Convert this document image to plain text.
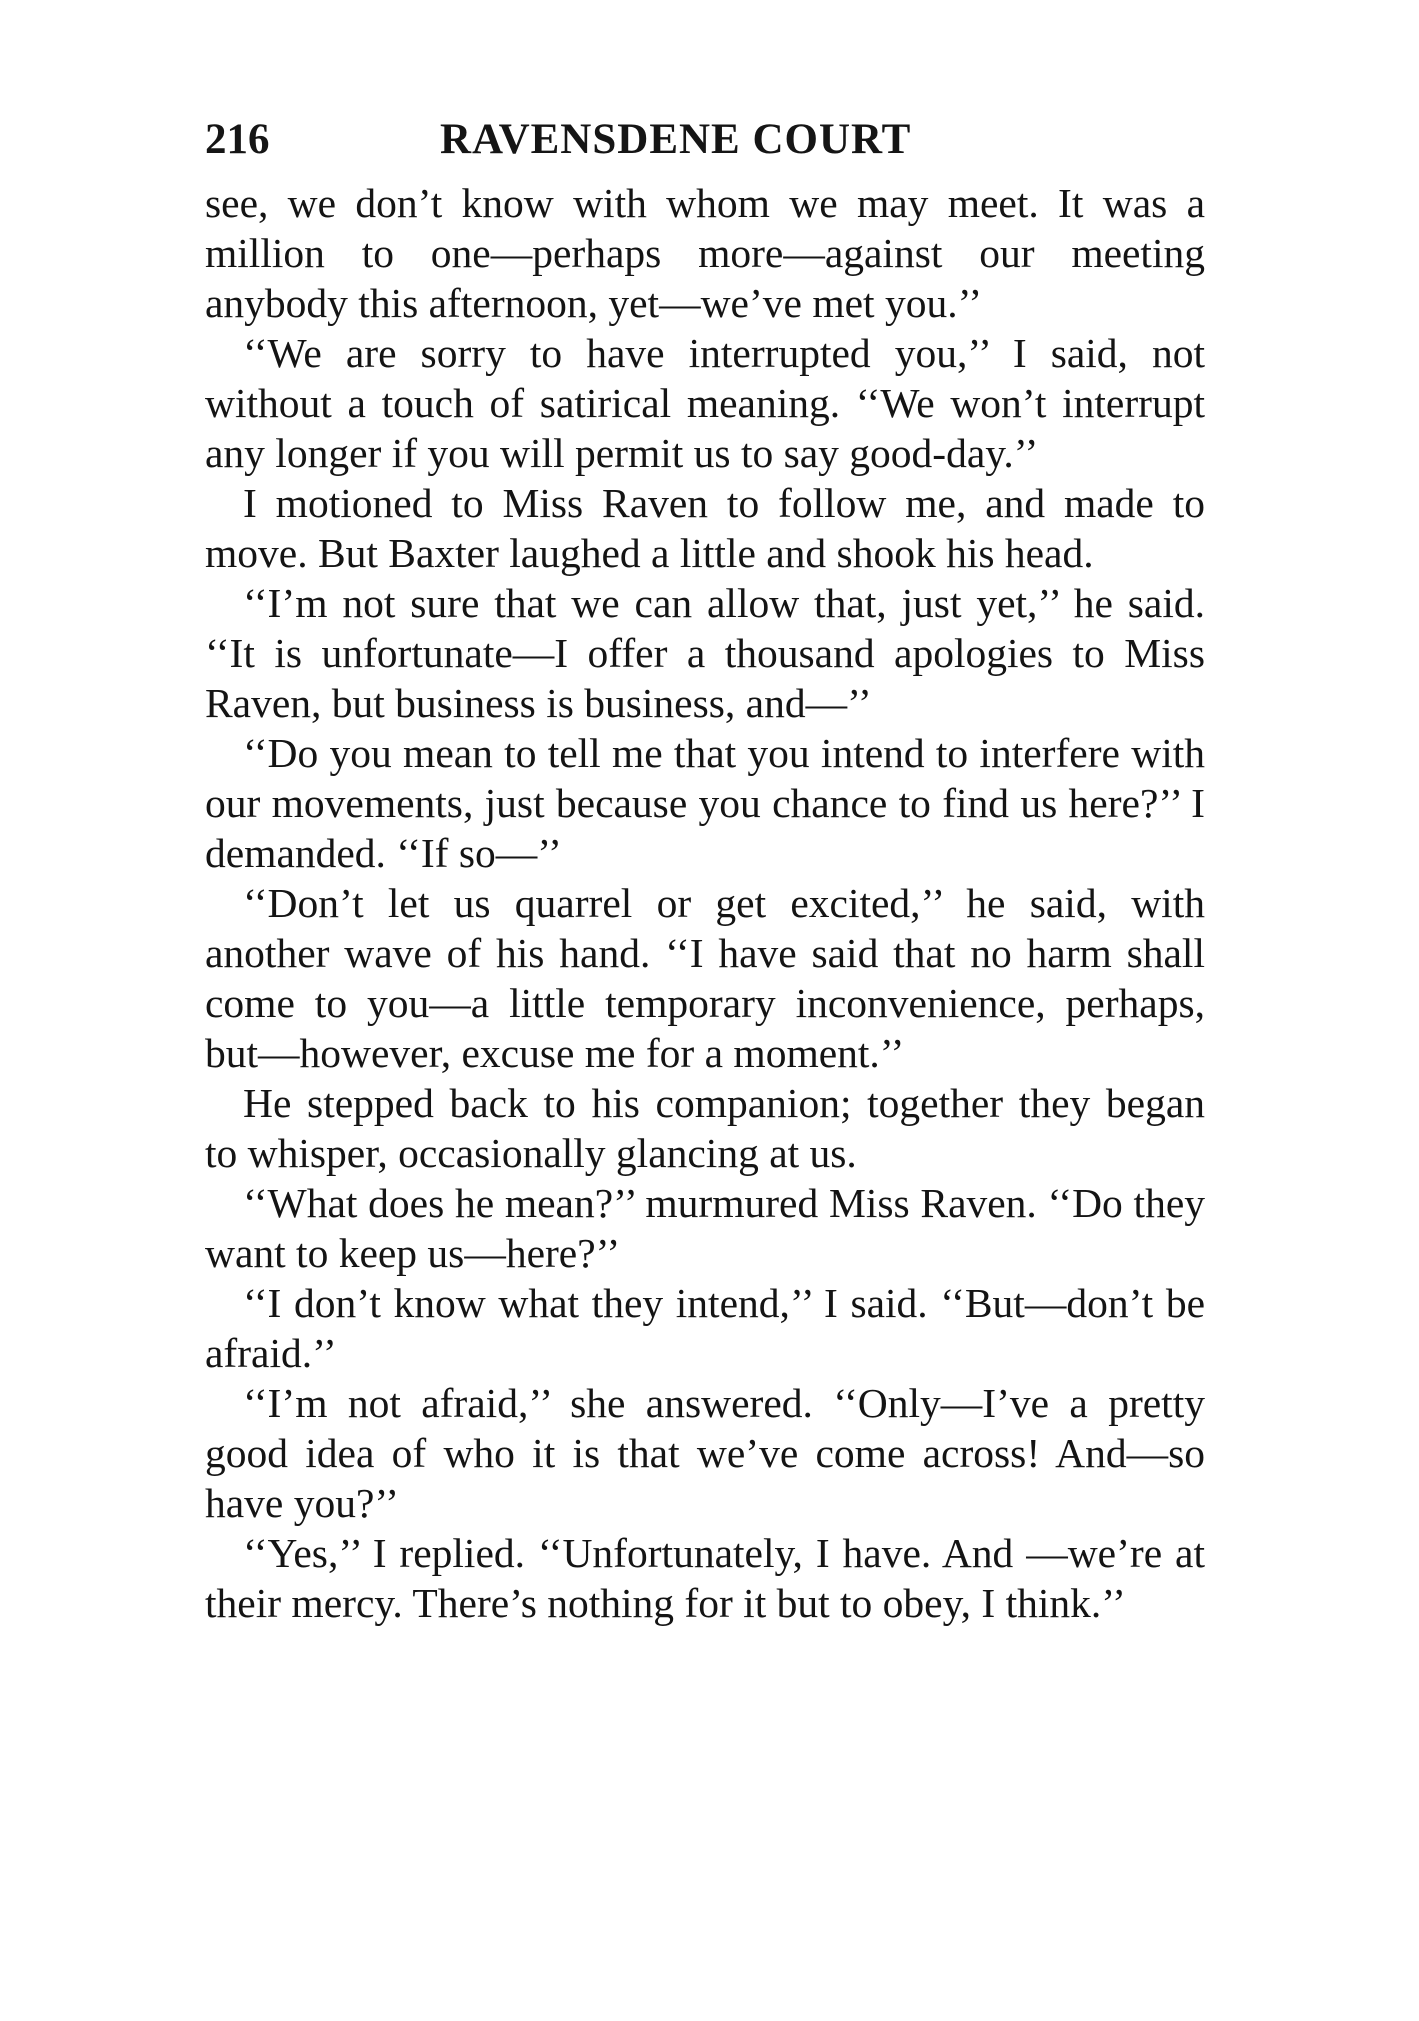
216	RAVENSDENE COURT

see, we don’t know with whom we may meet. It was a million to one—perhaps more—against our meeting anybody this afternoon, yet—we’ve met you.’’

‘‘We are sorry to have interrupted you,’’ I said, not without a touch of satirical meaning. ‘‘We won’t interrupt any longer if you will permit us to say good-day.’’

I motioned to Miss Raven to follow me, and made to move. But Baxter laughed a little and shook his head.

‘‘I’m not sure that we can allow that, just yet,’’ he said. ‘‘It is unfortunate—I offer a thousand apologies to Miss Raven, but business is business, and—’’

‘‘Do you mean to tell me that you intend to interfere with our movements, just because you chance to find us here?’’ I demanded. ‘‘If so—’’

‘‘Don’t let us quarrel or get excited,’’ he said, with another wave of his hand. ‘‘I have said that no harm shall come to you—a little temporary inconvenience, perhaps, but—however, excuse me for a moment.’’

He stepped back to his companion; together they began to whisper, occasionally glancing at us.

‘‘What does he mean?’’ murmured Miss Raven. ‘‘Do they want to keep us—here?’’

‘‘I don’t know what they intend,’’ I said. ‘‘But—don’t be afraid.’’

‘‘I’m not afraid,’’ she answered. ‘‘Only—I’ve a pretty good idea of who it is that we’ve come across! And—so have you?’’

‘‘Yes,’’ I replied. ‘‘Unfortunately, I have. And —we’re at their mercy. There’s nothing for it but to obey, I think.’’
